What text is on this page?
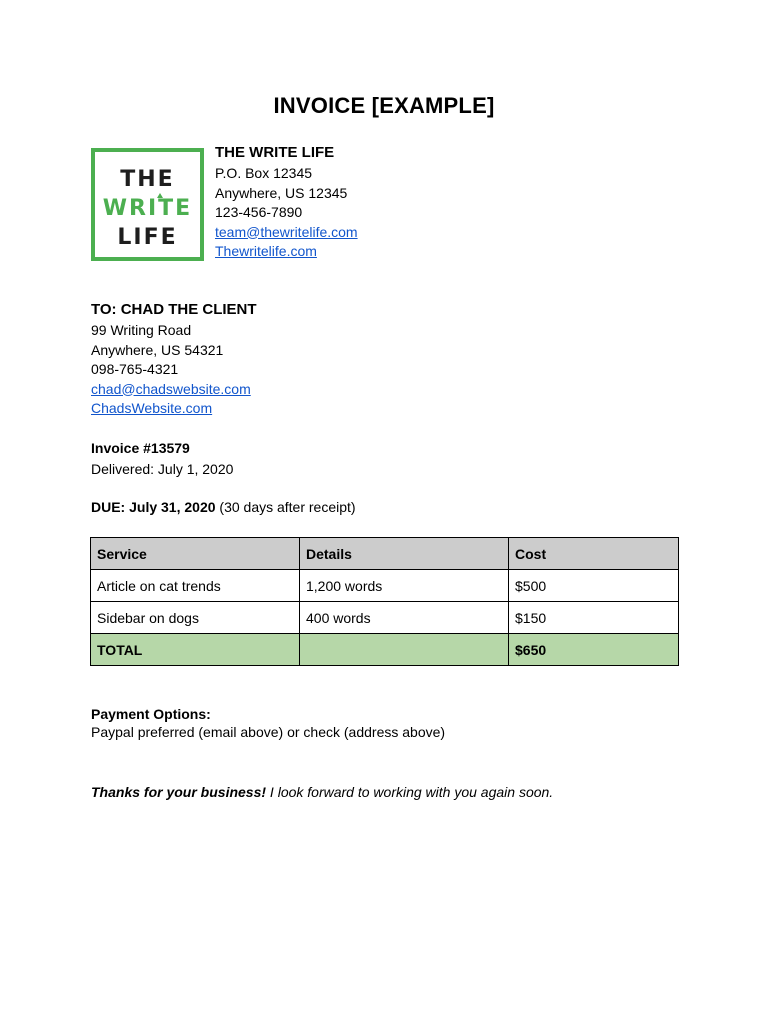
INVOICE [EXAMPLE]
THE
WRITE
LIFE
THE WRITE LIFE
P.O. Box 12345
Anywhere, US 12345
123-456-7890
team@thewritelife.com
Thewritelife.com
TO: CHAD THE CLIENT
99 Writing Road
Anywhere, US 54321
098-765-4321
chad@chadswebsite.com
ChadsWebsite.com
Invoice #13579
Delivered: July 1, 2020
DUE: July 31, 2020 (30 days after receipt)
Service	Details	Cost
Article on cat trends	1,200 words	$500
Sidebar on dogs	400 words	$150
TOTAL		$650
Payment Options:
Paypal preferred (email above) or check (address above)
Thanks for your business! I look forward to working with you again soon.
